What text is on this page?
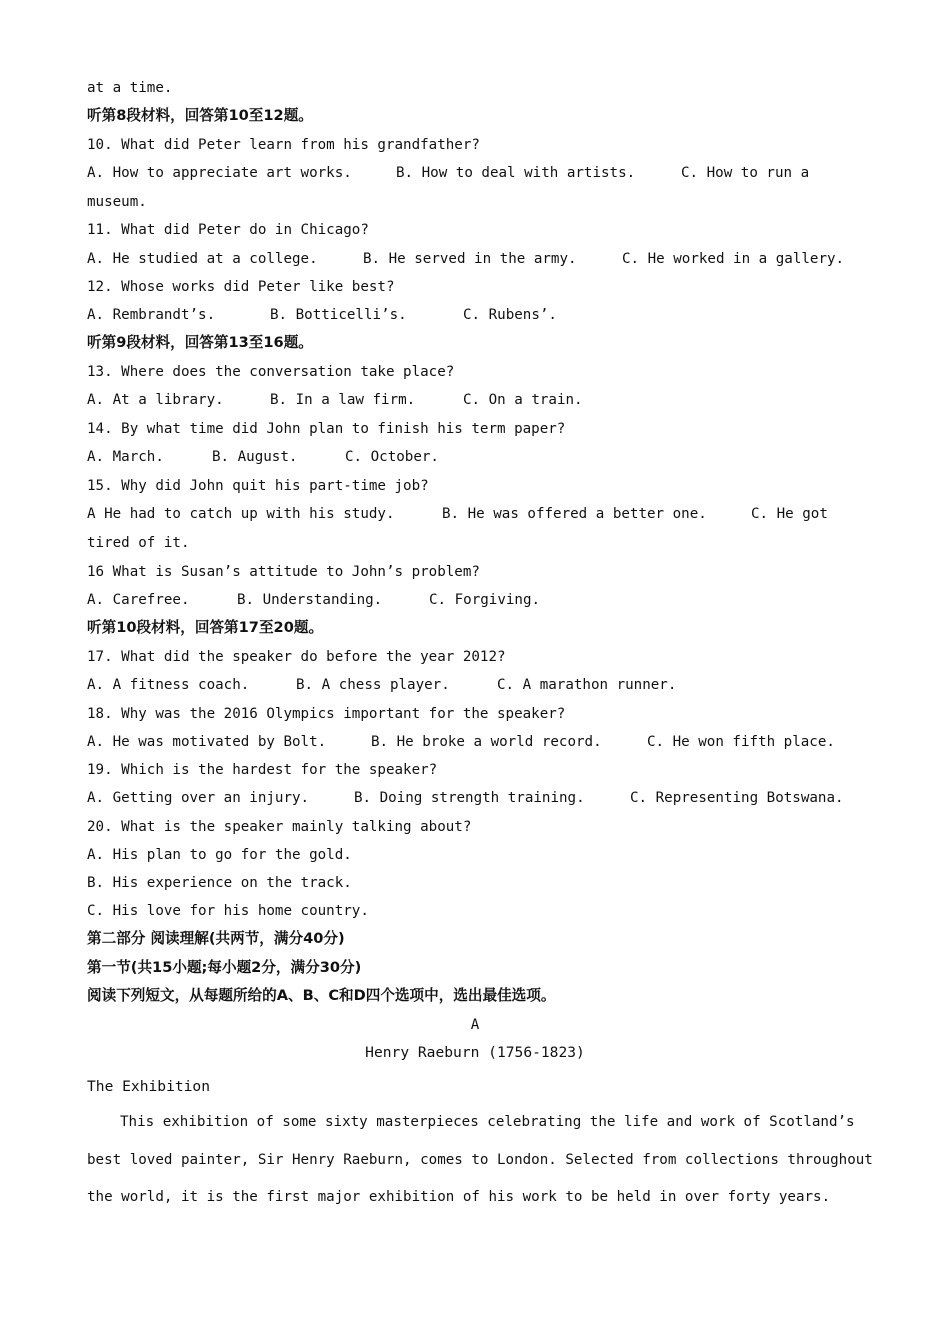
at a time.
听第8段材料，回答第10至12题。
10. What did Peter learn from his grandfather?
A. How to appreciate art works.	B. How to deal with artists.	C. How to run a
museum.
11. What did Peter do in Chicago?
A. He studied at a college.	B. He served in the army.	C. He worked in a gallery.
12. Whose works did Peter like best?
A. Rembrandt’s.	B. Botticelli’s.	C. Rubens’.
听第9段材料，回答第13至16题。
13. Where does the conversation take place?
A. At a library.	B. In a law firm.	C. On a train.
14. By what time did John plan to finish his term paper?
A. March.	B. August.	C. October.
15. Why did John quit his part-time job?
A He had to catch up with his study.	B. He was offered a better one.	C. He got
tired of it.
16 What is Susan’s attitude to John’s problem?
A. Carefree.	B. Understanding.	C. Forgiving.
听第10段材料，回答第17至20题。
17. What did the speaker do before the year 2012?
A. A fitness coach.	B. A chess player.	C. A marathon runner.
18. Why was the 2016 Olympics important for the speaker?
A. He was motivated by Bolt.	B. He broke a world record.	C. He won fifth place.
19. Which is the hardest for the speaker?
A. Getting over an injury.	B. Doing strength training.	C. Representing Botswana.
20. What is the speaker mainly talking about?
A. His plan to go for the gold.
B. His experience on the track.
C. His love for his home country.
第二部分 阅读理解(共两节，满分40分)
第一节(共15小题;每小题2分，满分30分)
阅读下列短文，从每题所给的A、B、C和D四个选项中，选出最佳选项。
A
Henry Raeburn (1756-1823)
The Exhibition
This exhibition of some sixty masterpieces celebrating the life and work of Scotland’s
best loved painter, Sir Henry Raeburn, comes to London. Selected from collections throughout
the world, it is the first major exhibition of his work to be held in over forty years.
